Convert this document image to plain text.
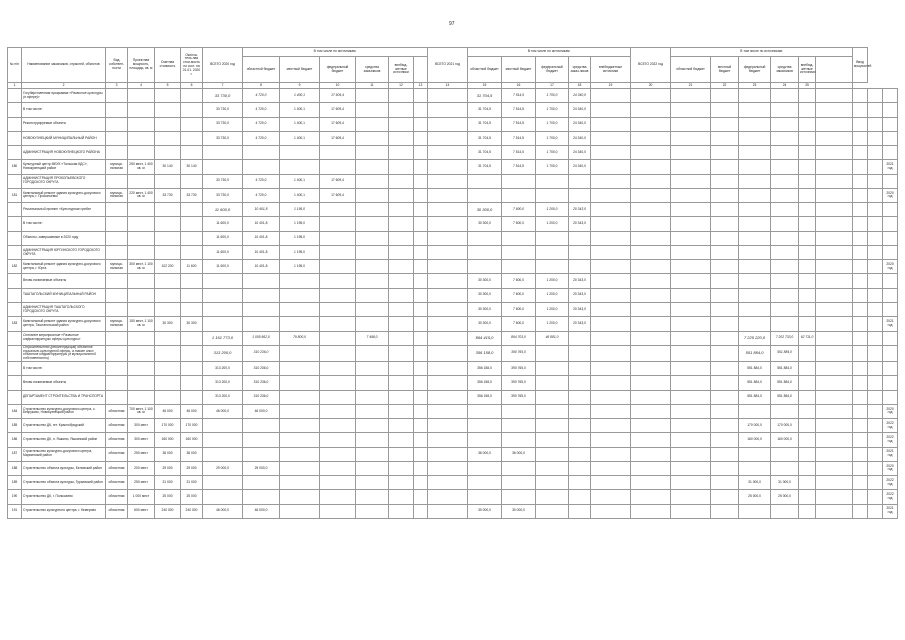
97
№ п/п	Наименование заказчиков, отраслей, объектов	Вид собствен-ности	Проектная мощность, площадь, кв. м	Сметная стоимость	Оконча-тель-ная стои-мость по сост. на 01.01. 2020 г.	ВСЕГО 2020 год	В том числе по источникам:						ВСЕГО 2021 год	В том числе по источникам:					ВСЕГО 2022 год	В том числе по источникам:						Ввод мощностей		
							областной бюджет	местный бюджет	федеральный бюджет	средства заказчиков	внебюд-жетные источники			областной бюджет	местный бюджет	федеральный бюджет	средства заказ-чиков	внебюджетные источники		областной бюджет	местный бюджет	федеральный бюджет	средства заказчиков	внебюд-жетные источники				
1	2	3	4	5	6	7	8	9	10	11	12	13	14	15	16	17	18	19	20	21	22	23	24	25				
	Государственная программа «Развитие культуры (в сфере)»					33 730,0	4 720,0	1 400,1	17 609,4					31 704,5	7 514,5	1 700,0	24 340,0											
	В том числе:					33 730,0	4 720,0	1 400,1	17 609,4					31 704,5	7 514,5	1 700,0	24 340,0											
	Реконструируемые объекты					33 730,0	4 720,0	1 400,1	17 609,4					31 704,5	7 514,5	1 700,0	24 340,0											
	НОВОКУЗНЕЦКИЙ МУНИЦИПАЛЬНЫЙ РАЙОН					33 730,0	4 720,0	1 400,1	17 609,4					31 704,5	7 514,5	1 700,0	24 340,0											
	АДМИНИСТРАЦИЯ НОВОКУЗНЕЦКОГО РАЙОНА													31 704,5	7 514,5	1 700,0	24 340,0											
180	Культурный центр МБУК «Тальская КДС», Новокузнецкий район	муници-пальная	250 мест, 1 400 кв. м	30 140	30 140									31 704,5	7 514,5	1 700,0	24 340,0											2021 год
	АДМИНИСТРАЦИЯ ПРОКОПЬЕВСКОГО ГОРОДСКОГО ОКРУГА					33 730,0	4 720,0	1 400,1	17 609,4																			
181	Капитальный ремонт здания культурно-досугового центра, г. Прокопьевск	муници-пальная	220 мест, 1 400 кв. м	33 730	33 730	33 730,0	4 720,0	1 400,1	17 609,4																			2020 год
	Региональный проект «Культурная среда»					11 600,0	10 401,8	1 195,0						30 300,0	7 600,0	1 200,0	20 343,0											
	В том числе:					11 600,0	10 401,8	1 195,0						30 300,0	7 600,0	1 200,0	20 343,0											
	Объекты, завершаемые в 2020 году					11 600,0	10 401,8	1 195,0																				
	АДМИНИСТРАЦИЯ ЮРГИНСКОГО ГОРОДСКОГО ОКРУГА					11 600,0	10 401,8	1 195,0																				
182	Капитальный ремонт здания культурно-досугового центра, г. Юрга	муници-пальная	300 мест, 1 100 кв. м	102 200	11 600	11 600,0	10 401,8	1 195,0																				2020 год
	Вновь начинаемые объекты													30 300,0	7 600,0	1 200,0	20 343,0											
	ТАШТАГОЛЬСКИЙ МУНИЦИПАЛЬНЫЙ РАЙОН													30 300,0	7 600,0	1 200,0	20 343,0											
	АДМИНИСТРАЦИЯ ТАШТАГОЛЬСКОГО ГОРОДСКОГО ОКРУГА													30 300,0	7 600,0	1 200,0	20 343,0											
183	Капитальный ремонт здания культурно-досугового центра, Таштагольский район	муници-пальная	150 мест, 1 100 кв. м	30 300	30 300									30 300,0	7 600,0	1 200,0	20 343,0											2021 год
	Основное мероприятие «Развитие инфраструктуры сферы культуры»					1 161 773,0	1 055 662,0	79 800,0		7 498,0				864 415,0	864 703,0	46 881,0						7 225 220,0	7 202 733,0	62 711,0				
	Строительство (реконструкция) объектов социально-культурной сферы, а также иных объектов инфраструктуры (в муниципальной собственности)					313 200,0	310 236,0							356 158,0	390 765,0							551 884,0	551 884,0					
	В том числе:					313 200,0	310 236,0							356 158,0	390 765,0							551 884,0	551 884,0					
	Вновь начинаемые объекты					313 200,0	310 236,0							356 158,0	390 765,0							551 884,0	551 884,0					
	ДЕПАРТАМЕНТ СТРОИТЕЛЬСТВА И ТРАНСПОРТА					313 200,0	310 236,0							356 158,0	390 765,0							551 884,0	551 884,0					
184	Строительство культурно-досугового центра, с. Безруково, Новокузнецкий район	областная	700 мест, 1 100 кв. м	46 000	46 000	46 000,0	46 000,0																					2020 год
185	Строительство ДК, пгт. Краснобродский	областная	300 мест	170 000	170 000																	170 000,0	170 000,0					2022 год
186	Строительство ДК, п. Яшкино, Яшкинский район	областная	300 мест	160 000	160 000																	160 000,0	160 000,0					2022 год
187	Строительство культурно-досугового центра, Мариинский район	областная	250 мест	36 000	36 000									36 000,0	36 000,0													2021 год
188	Строительство объекта культуры, Беловский район	областная	200 мест	29 000	29 000	29 000,0	29 000,0																					2020 год
189	Строительство объекта культуры, Гурьевский район	областная	250 мест	31 000	31 000																	31 000,0	31 000,0					2022 год
190	Строительство ДК, г. Полысаево	областная	1 000 мест	25 000	25 000																	25 000,0	25 000,0					2022 год
191	Строительство культурного центра, г. Кемерово	областная	600 мест	240 000	240 000	46 000,0	46 000,0							30 000,0	30 000,0													2021 год
